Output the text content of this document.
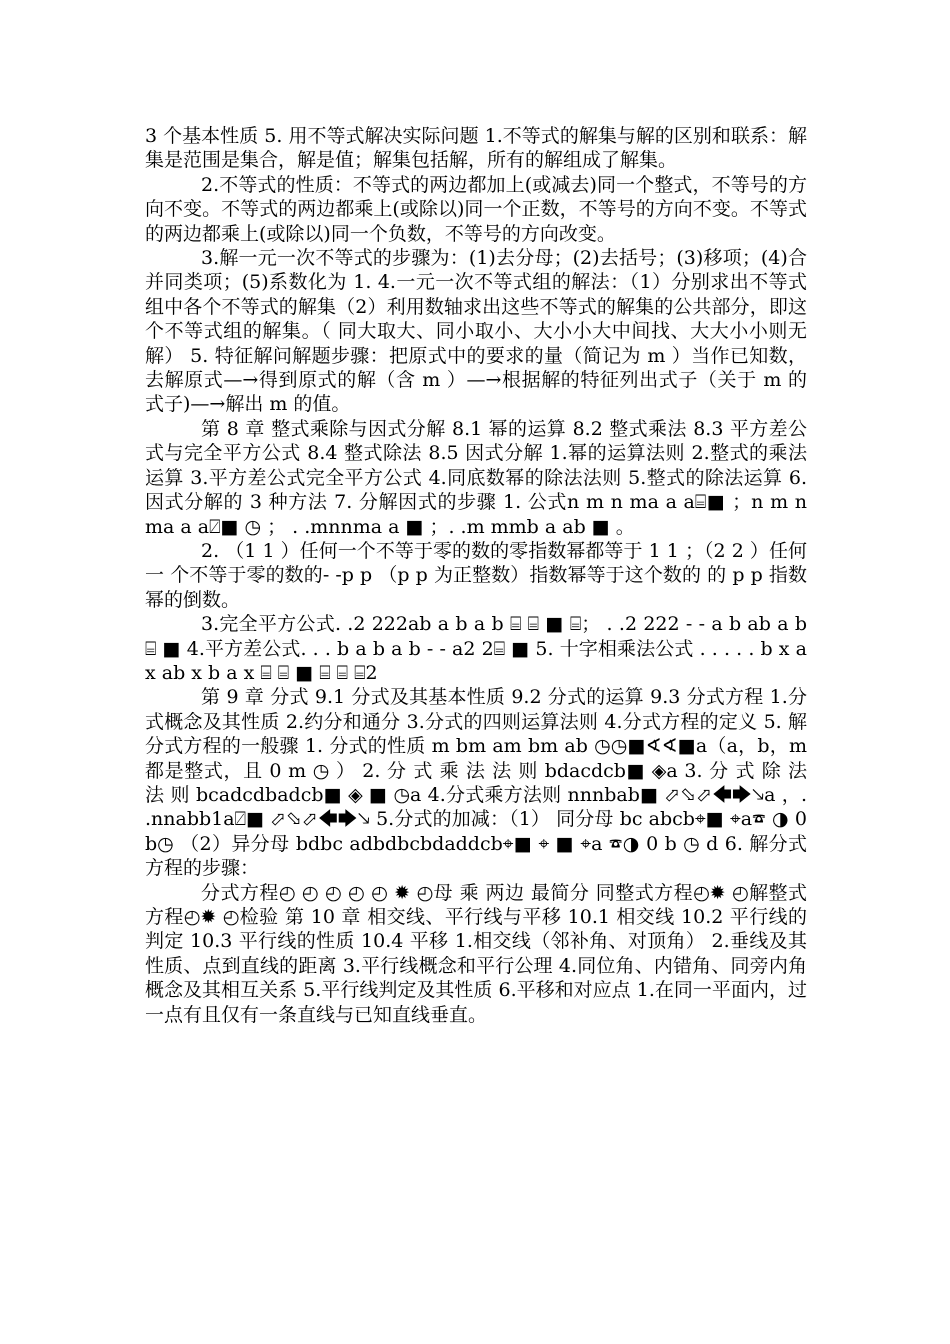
3 个基本性质 5. 用不等式解决实际问题 1.不等式的解集与解的区别和联系：解集是范围是集合，解是值；解集包括解，所有的解组成了解集。

2.不等式的性质：不等式的两边都加上(或减去)同一个整式，不等号的方向不变。不等式的两边都乘上(或除以)同一个正数，不等号的方向不变。不等式的两边都乘上(或除以)同一个负数，不等号的方向改变。

3.解一元一次不等式的步骤为：(1)去分母；(2)去括号；(3)移项；(4)合并同类项；(5)系数化为 1. 4.一元一次不等式组的解法：（1）分别求出不等式组中各个不等式的解集（2）利用数轴求出这些不等式的解集的公共部分，即这个不等式组的解集。（ 同大取大、同小取小、大小小大中间找、大大小小则无解） 5. 特征解问解题步骤：把原式中的要求的量（简记为 m ）当作已知数，去解原式—→得到原式的解（含 m ）—→根据解的特征列出式子（关于 m 的式子)—→解出 m 的值。

第 8 章 整式乘除与因式分解 8.1 幂的运算 8.2 整式乘法 8.3 平方差公式与完全平方公式 8.4 整式除法 8.5 因式分解 1.幂的运算法则 2.整式的乘法运算 3.平方差公式完全平方公式 4.同底数幂的除法法则 5.整式的除法运算 6. 因式分解的 3 种方法 7. 分解因式的步骤 1. 公式n m n ma a a⌸■ ；n m n ma a a⍁■ ◷ ； . .mnnma a ■ ；. .m mmb a ab ■ 。

2. （1 1 ）任何一个不等于零的数的零指数幂都等于 1 1 ；（2 2 ）任何一 个不等于零的数的- -p p （p p 为正整数）指数幂等于这个数的 的 p p 指数幂的倒数。

3.完全平方公式. .2 222ab a b a b ⌸ ⌸ ■ ⌸； . .2 222 - - a b ab a b ⌸ ■ 4.平方差公式. . . b a b a b - - a2 2⌸ ■ 5. 十字相乘法公式 . . . . . b x a x ab x b a x ⌸ ⌸ ■ ⌸ ⌸ ⌸2

第 9 章 分式 9.1 分式及其基本性质 9.2 分式的运算 9.3 分式方程 1.分式概念及其性质 2.约分和通分 3.分式的四则运算法则 4.分式方程的定义 5. 解分式方程的一般骤 1. 分式的性质 m bm am bm ab ◷◷■∢∢■a（a，b，m 都是整式，且 0 m ◷ ） 2. 分 式 乘 法 法 则 bdacdcb■ ◈a 3. 分 式 除 法 法 则 bcadcdbadcb■ ◈ ■ ◷a 4.分式乘方法则 nnnbab■ ⬀⬂⬀🡄🡆🡖a ，. .nnabb1a⍁■ ⬀⬂⬀🡄🡆🡖 5.分式的加减：（1） 同分母 bc abcb⌖■ ⌖a☎ ◑ 0 b◷ （2）异分母 bdbc adbdbcbdaddcb⌖■ ⌖ ■ ⌖a ☎◑ 0 b ◷ d 6. 解分式方程的步骤：

分式方程◴ ◴ ◴ ◴ ◴ ✹ ◴母 乘 两边 最简分 同整式方程◴✹ ◴解整式方程◴✹ ◴检验 第 10 章 相交线、平行线与平移 10.1 相交线 10.2 平行线的判定 10.3 平行线的性质 10.4 平移 1.相交线（邻补角、对顶角） 2.垂线及其性质、点到直线的距离 3.平行线概念和平行公理 4.同位角、内错角、同旁内角概念及其相互关系 5.平行线判定及其性质 6.平移和对应点 1.在同一平面内，过一点有且仅有一条直线与已知直线垂直。
